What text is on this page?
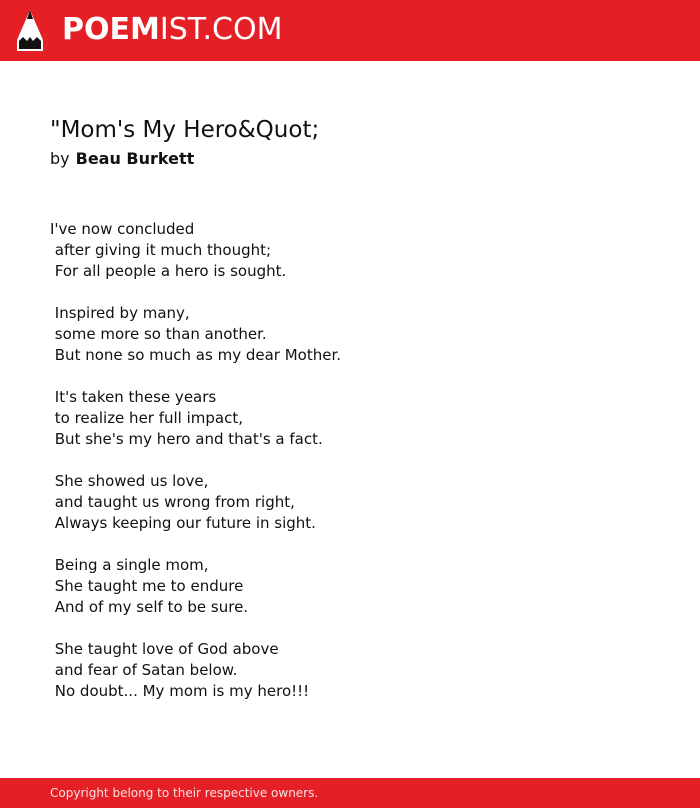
POEMIST.COM
"Mom's My Hero&Quot;
by Beau Burkett
I've now concluded
after giving it much thought;
For all people a hero is sought.

Inspired by many,
some more so than another.
But none so much as my dear Mother.

It's taken these years
to realize her full impact,
But she's my hero and that's a fact.

She showed us love,
and taught us wrong from right,
Always keeping our future in sight.

Being a single mom,
She taught me to endure
And of my self to be sure.

She taught love of God above
and fear of Satan below.
No doubt... My mom is my hero!!!
Copyright belong to their respective owners.
